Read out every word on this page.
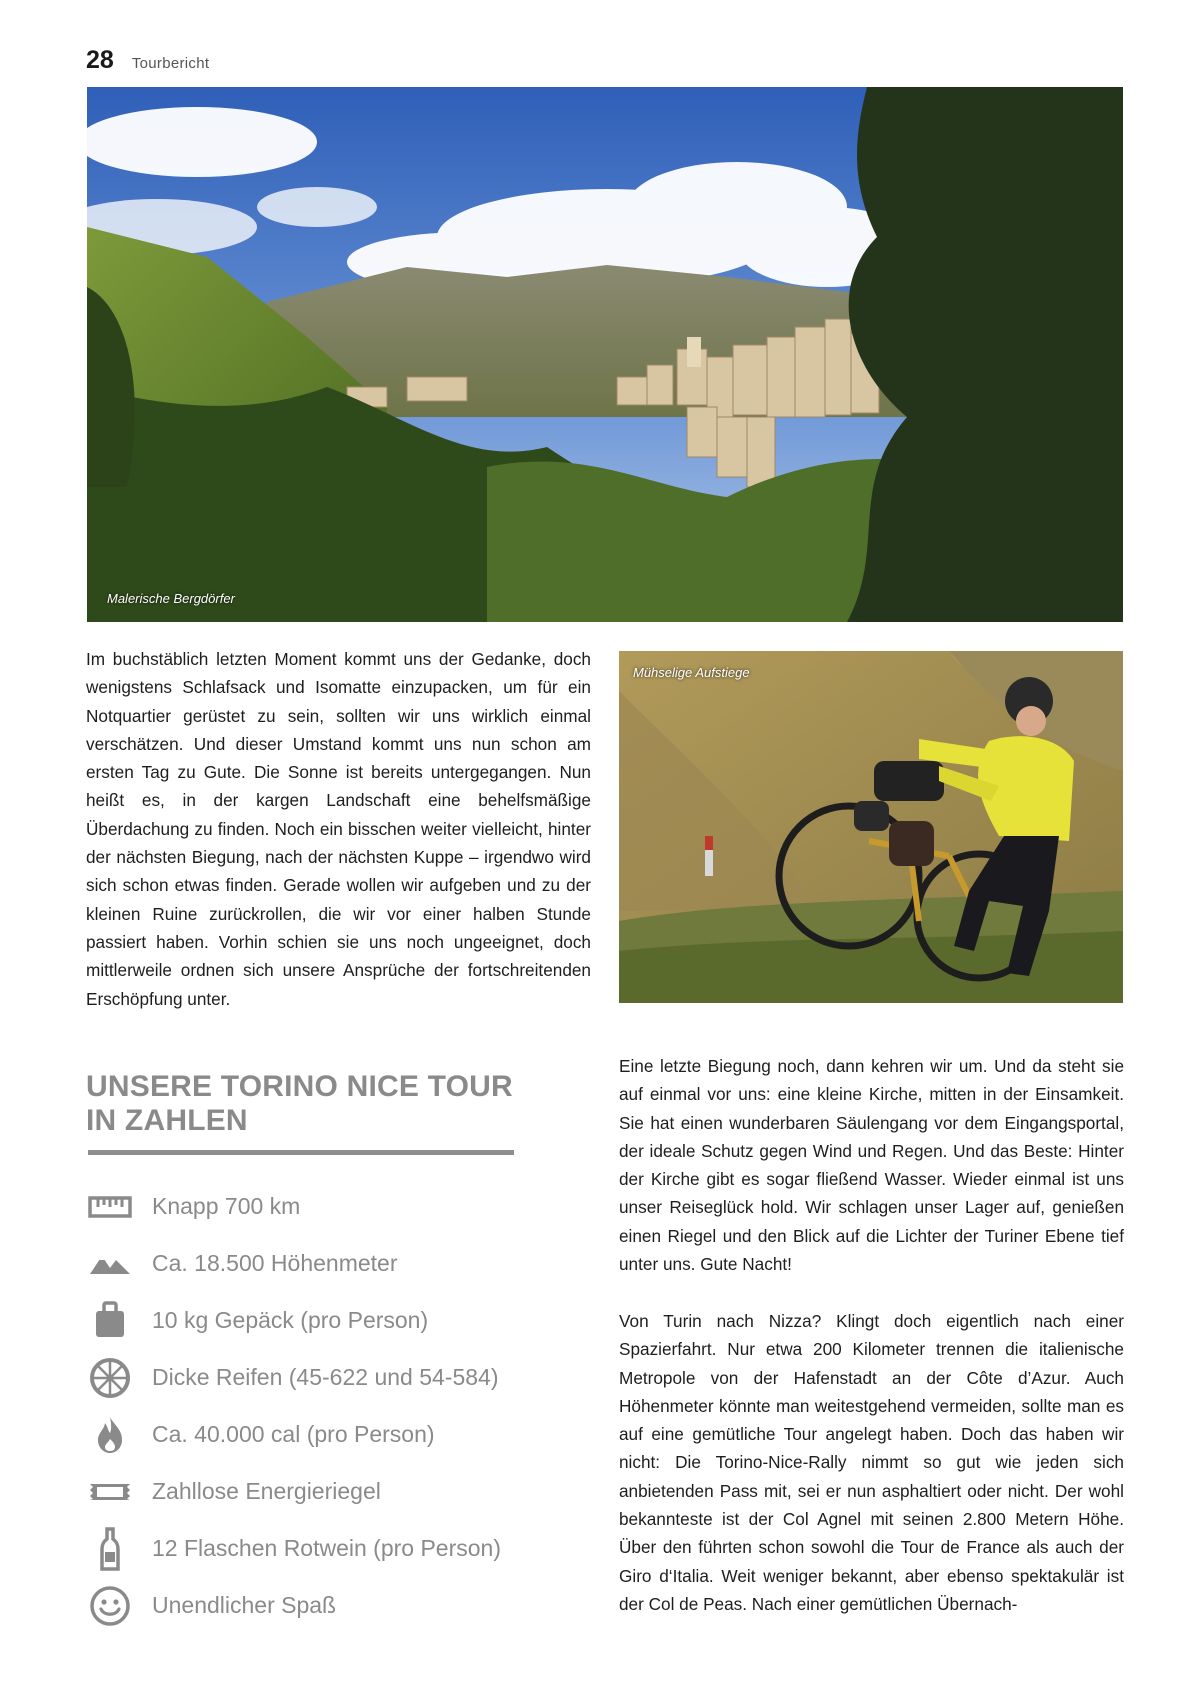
28 Tourbericht
Malerische Bergdörfer

Im buchstäblich letzten Moment kommt uns der Gedanke, doch wenigstens Schlafsack und Isomatte einzupacken, um für ein Notquartier gerüstet zu sein, sollten wir uns wirklich einmal verschätzen. Und dieser Umstand kommt uns nun schon am ersten Tag zu Gute. Die Sonne ist bereits untergegangen. Nun heißt es, in der kargen Landschaft eine behelfsmäßige Überdachung zu finden. Noch ein bisschen weiter vielleicht, hinter der nächsten Biegung, nach der nächsten Kuppe – irgendwo wird sich schon etwas finden. Gerade wollen wir aufgeben und zu der kleinen Ruine zurückrollen, die wir vor einer halben Stunde passiert haben. Vorhin schien sie uns noch ungeeignet, doch mittlerweile ordnen sich unsere Ansprüche der fortschreitenden Erschöpfung unter.

Mühselige Aufstiege

Eine letzte Biegung noch, dann kehren wir um. Und da steht sie auf einmal vor uns: eine kleine Kirche, mitten in der Einsamkeit. Sie hat einen wunderbaren Säulengang vor dem Eingangsportal, der ideale Schutz gegen Wind und Regen. Und das Beste: Hinter der Kirche gibt es sogar fließend Wasser. Wieder einmal ist uns unser Reiseglück hold. Wir schlagen unser Lager auf, genießen einen Riegel und den Blick auf die Lichter der Turiner Ebene tief unter uns. Gute Nacht!

Von Turin nach Nizza? Klingt doch eigentlich nach einer Spazierfahrt. Nur etwa 200 Kilometer trennen die italienische Metropole von der Hafenstadt an der Côte d’Azur. Auch Höhenmeter könnte man weitestgehend vermeiden, sollte man es auf eine gemütliche Tour angelegt haben. Doch das haben wir nicht: Die Torino-Nice-Rally nimmt so gut wie jeden sich anbietenden Pass mit, sei er nun asphaltiert oder nicht. Der wohl bekannteste ist der Col Agnel mit seinen 2.800 Metern Höhe. Über den führten schon sowohl die Tour de France als auch der Giro d‘Italia. Weit weniger bekannt, aber ebenso spektakulär ist der Col de Peas. Nach einer gemütlichen Übernach-

UNSERE TORINO NICE TOUR
IN ZAHLEN
Knapp 700 km
Ca. 18.500 Höhenmeter
10 kg Gepäck (pro Person)
Dicke Reifen (45-622 und 54-584)
Ca. 40.000 cal (pro Person)
Zahllose Energieriegel
12 Flaschen Rotwein (pro Person)
Unendlicher Spaß
